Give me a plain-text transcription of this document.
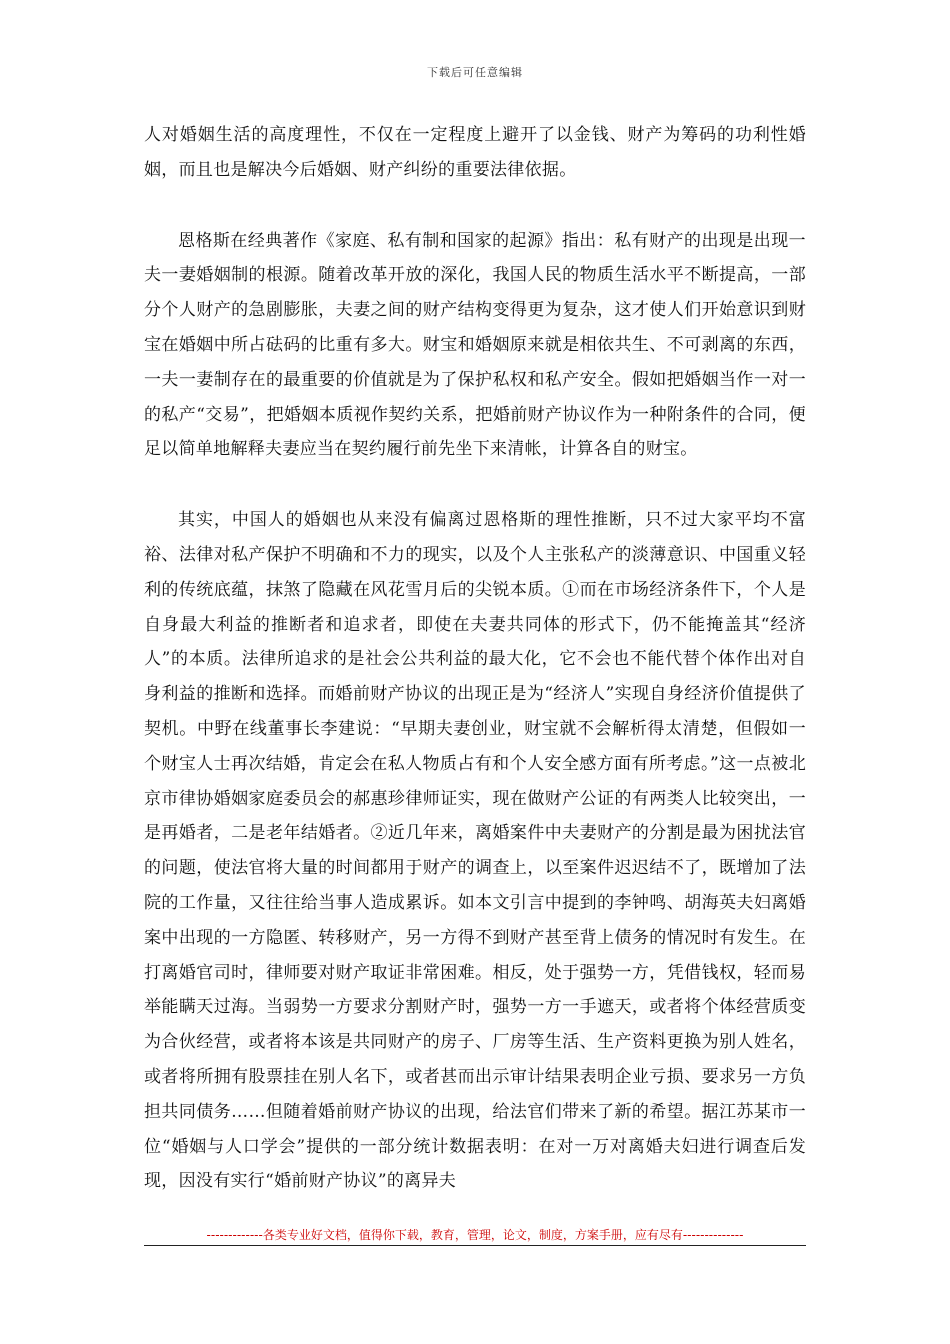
下载后可任意编辑

人对婚姻生活的高度理性，不仅在一定程度上避开了以金钱、财产为筹码的功利性婚姻，而且也是解决今后婚姻、财产纠纷的重要法律依据。

恩格斯在经典著作《家庭、私有制和国家的起源》指出：私有财产的出现是出现一夫一妻婚姻制的根源。随着改革开放的深化，我国人民的物质生活水平不断提高，一部分个人财产的急剧膨胀，夫妻之间的财产结构变得更为复杂，这才使人们开始意识到财宝在婚姻中所占砝码的比重有多大。财宝和婚姻原来就是相依共生、不可剥离的东西，一夫一妻制存在的最重要的价值就是为了保护私权和私产安全。假如把婚姻当作一对一的私产“交易”，把婚姻本质视作契约关系，把婚前财产协议作为一种附条件的合同，便足以简单地解释夫妻应当在契约履行前先坐下来清帐，计算各自的财宝。

其实，中国人的婚姻也从来没有偏离过恩格斯的理性推断，只不过大家平均不富裕、法律对私产保护不明确和不力的现实，以及个人主张私产的淡薄意识、中国重义轻利的传统底蕴，抹煞了隐藏在风花雪月后的尖锐本质。①而在市场经济条件下，个人是自身最大利益的推断者和追求者，即使在夫妻共同体的形式下，仍不能掩盖其“经济人”的本质。法律所追求的是社会公共利益的最大化，它不会也不能代替个体作出对自身利益的推断和选择。而婚前财产协议的出现正是为“经济人”实现自身经济价值提供了契机。中野在线董事长李建说：“早期夫妻创业，财宝就不会解析得太清楚，但假如一个财宝人士再次结婚，肯定会在私人物质占有和个人安全感方面有所考虑。”这一点被北京市律协婚姻家庭委员会的郝惠珍律师证实，现在做财产公证的有两类人比较突出，一是再婚者，二是老年结婚者。②近几年来，离婚案件中夫妻财产的分割是最为困扰法官的问题，使法官将大量的时间都用于财产的调查上，以至案件迟迟结不了，既增加了法院的工作量，又往往给当事人造成累诉。如本文引言中提到的李钟鸣、胡海英夫妇离婚案中出现的一方隐匿、转移财产，另一方得不到财产甚至背上债务的情况时有发生。在打离婚官司时，律师要对财产取证非常困难。相反，处于强势一方，凭借钱权，轻而易举能瞒天过海。当弱势一方要求分割财产时，强势一方一手遮天，或者将个体经营质变为合伙经营，或者将本该是共同财产的房子、厂房等生活、生产资料更换为别人姓名，或者将所拥有股票挂在别人名下，或者甚而出示审计结果表明企业亏损、要求另一方负担共同债务……但随着婚前财产协议的出现，给法官们带来了新的希望。据江苏某市一位“婚姻与人口学会”提供的一部分统计数据表明：在对一万对离婚夫妇进行调查后发现，因没有实行“婚前财产协议”的离异夫

-------------各类专业好文档，值得你下载，教育，管理，论文，制度，方案手册，应有尽有--------------
